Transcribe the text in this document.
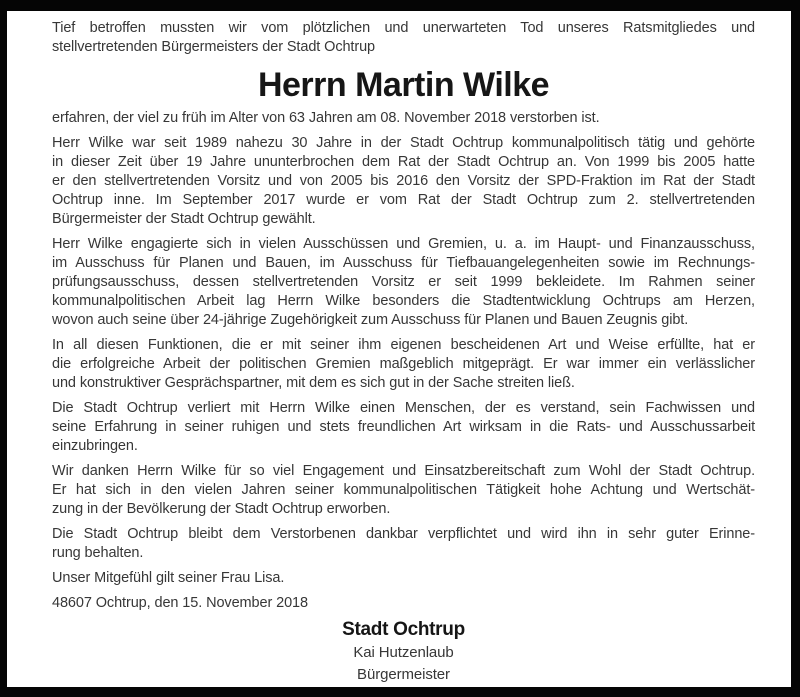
Tief betroffen mussten wir vom plötzlichen und unerwarteten Tod unseres Ratsmitgliedes und
stellvertretenden Bürgermeisters der Stadt Ochtrup
Herrn Martin Wilke
erfahren, der viel zu früh im Alter von 63 Jahren am 08. November 2018 verstorben ist.
Herr Wilke war seit 1989 nahezu 30 Jahre in der Stadt Ochtrup kommunalpolitisch tätig und gehörte
in dieser Zeit über 19 Jahre ununterbrochen dem Rat der Stadt Ochtrup an. Von 1999 bis 2005 hatte
er den stellvertretenden Vorsitz und von 2005 bis 2016 den Vorsitz der SPD-Fraktion im Rat der Stadt
Ochtrup inne. Im September 2017 wurde er vom Rat der Stadt Ochtrup zum 2. stellvertretenden
Bürgermeister der Stadt Ochtrup gewählt.
Herr Wilke engagierte sich in vielen Ausschüssen und Gremien, u. a. im Haupt- und Finanzausschuss,
im Ausschuss für Planen und Bauen, im Ausschuss für Tiefbauangelegenheiten sowie im Rechnungs-
prüfungsausschuss, dessen stellvertretenden Vorsitz er seit 1999 bekleidete. Im Rahmen seiner
kommunalpolitischen Arbeit lag Herrn Wilke besonders die Stadtentwicklung Ochtrups am Herzen,
wovon auch seine über 24-jährige Zugehörigkeit zum Ausschuss für Planen und Bauen Zeugnis gibt.
In all diesen Funktionen, die er mit seiner ihm eigenen bescheidenen Art und Weise erfüllte, hat er
die erfolgreiche Arbeit der politischen Gremien maßgeblich mitgeprägt. Er war immer ein verlässlicher
und konstruktiver Gesprächspartner, mit dem es sich gut in der Sache streiten ließ.
Die Stadt Ochtrup verliert mit Herrn Wilke einen Menschen, der es verstand, sein Fachwissen und
seine Erfahrung in seiner ruhigen und stets freundlichen Art wirksam in die Rats- und Ausschussarbeit
einzubringen.
Wir danken Herrn Wilke für so viel Engagement und Einsatzbereitschaft zum Wohl der Stadt Ochtrup.
Er hat sich in den vielen Jahren seiner kommunalpolitischen Tätigkeit hohe Achtung und Wertschät-
zung in der Bevölkerung der Stadt Ochtrup erworben.
Die Stadt Ochtrup bleibt dem Verstorbenen dankbar verpflichtet und wird ihn in sehr guter Erinne-
rung behalten.
Unser Mitgefühl gilt seiner Frau Lisa.
48607 Ochtrup, den 15. November 2018
Stadt Ochtrup
Kai Hutzenlaub
Bürgermeister
